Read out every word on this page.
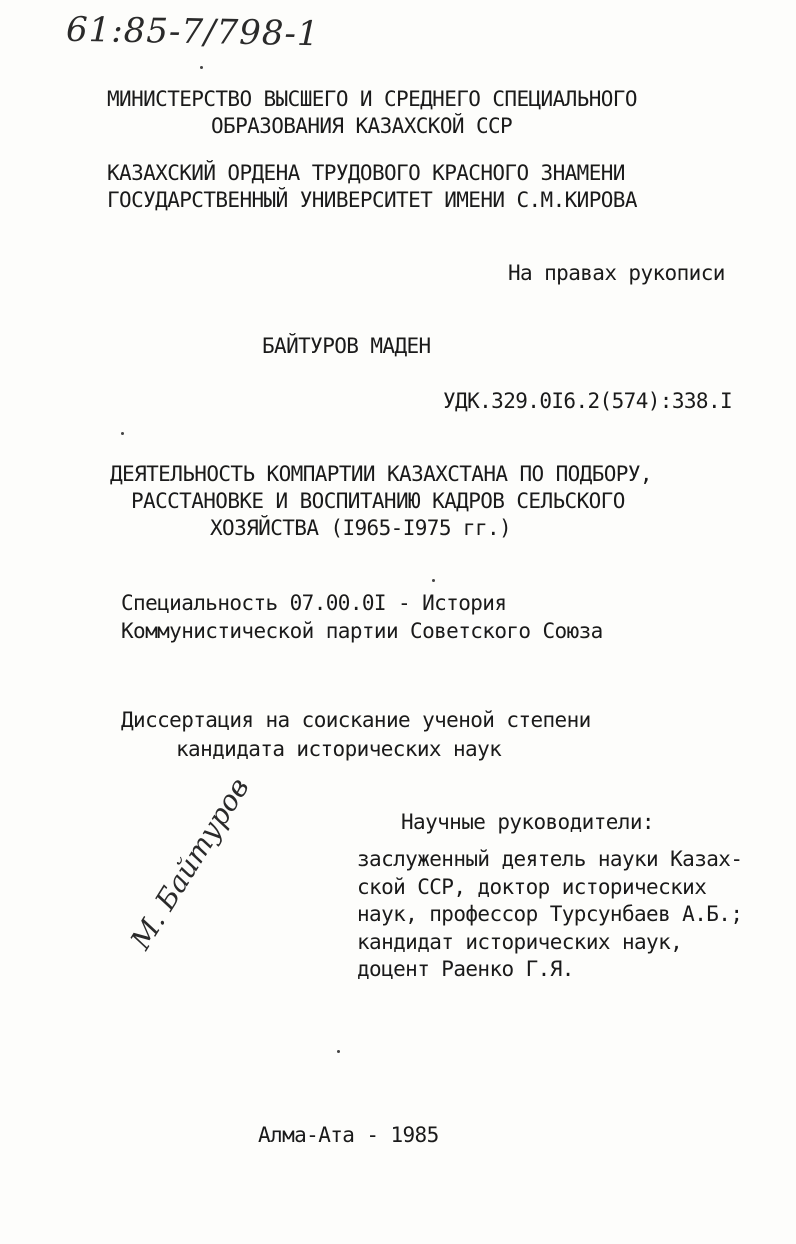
61:85-7/798-1
МИНИСТЕРСТВО ВЫСШЕГО И СРЕДНЕГО СПЕЦИАЛЬНОГО
ОБРАЗОВАНИЯ КАЗАХСКОЙ ССР
КАЗАХСКИЙ ОРДЕНА ТРУДОВОГО КРАСНОГО ЗНАМЕНИ
ГОСУДАРСТВЕННЫЙ УНИВЕРСИТЕТ ИМЕНИ С.М.КИРОВА
На правах рукописи
БАЙТУРОВ МАДЕН
УДК.329.0I6.2(574):338.I
ДЕЯТЕЛЬНОСТЬ КОМПАРТИИ КАЗАХСТАНА ПО ПОДБОРУ,
РАССТАНОВКЕ И ВОСПИТАНИЮ КАДРОВ СЕЛЬСКОГО
ХОЗЯЙСТВА (I965-I975 гг.)
Специальность 07.00.0I - История
Коммунистической партии Советского Союза
Диссертация на соискание ученой степени
кандидата исторических наук
Научные руководители:
заслуженный деятель науки Казах-
ской ССР, доктор исторических
наук, профессор Турсунбаев А.Б.;
кандидат исторических наук,
доцент Раенко Г.Я.
М. Байтуров
Алма-Ата - 1985
